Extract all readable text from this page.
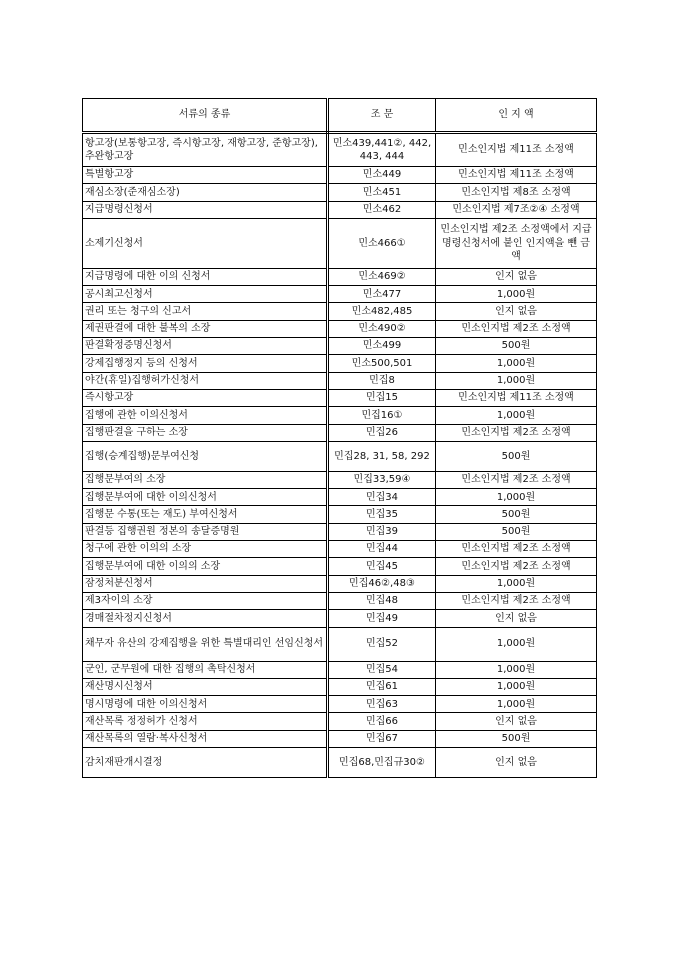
서류의 종류	조 문	인 지 액
항고장(보통항고장, 즉시항고장, 재항고장, 준항고장), 추완항고장	민소439,441②, 442, 443, 444	민소인지법 제11조 소정액
특별항고장	민소449	민소인지법 제11조 소정액
재심소장(준재심소장)	민소451	민소인지법 제8조 소정액
지급명령신청서	민소462	민소인지법 제7조②④ 소정액
소제기신청서	민소466①	민소인지법 제2조 소정액에서 지급명령신청서에 붙인 인지액을 뺀 금액
지급명령에 대한 이의 신청서	민소469②	인지 없음
공시최고신청서	민소477	1,000원
권리 또는 청구의 신고서	민소482,485	인지 없음
제권판결에 대한 불복의 소장	민소490②	민소인지법 제2조 소정액
판결확정증명신청서	민소499	500원
강제집행정지 등의 신청서	민소500,501	1,000원
야간(휴일)집행허가신청서	민집8	1,000원
즉시항고장	민집15	민소인지법 제11조 소정액
집행에 관한 이의신청서	민집16①	1,000원
집행판결을 구하는 소장	민집26	민소인지법 제2조 소정액
집행(승계집행)문부여신청	민집28, 31, 58, 292	500원
집행문부여의 소장	민집33,59④	민소인지법 제2조 소정액
집행문부여에 대한 이의신청서	민집34	1,000원
집행문 수통(또는 재도) 부여신청서	민집35	500원
판결등 집행권원 정본의 송달증명원	민집39	500원
청구에 관한 이의의 소장	민집44	민소인지법 제2조 소정액
집행문부여에 대한 이의의 소장	민집45	민소인지법 제2조 소정액
잠정처분신청서	민집46②,48③	1,000원
제3자이의 소장	민집48	민소인지법 제2조 소정액
경매절차정지신청서	민집49	인지 없음
채무자 유산의 강제집행을 위한 특별대리인 선임신청서	민집52	1,000원
군인, 군무원에 대한 집행의 촉탁신청서	민집54	1,000원
재산명시신청서	민집61	1,000원
명시명령에 대한 이의신청서	민집63	1,000원
재산목록 정정허가 신청서	민집66	인지 없음
재산목록의 열람·복사신청서	민집67	500원
감치재판개시결정	민집68,민집규30②	인지 없음
